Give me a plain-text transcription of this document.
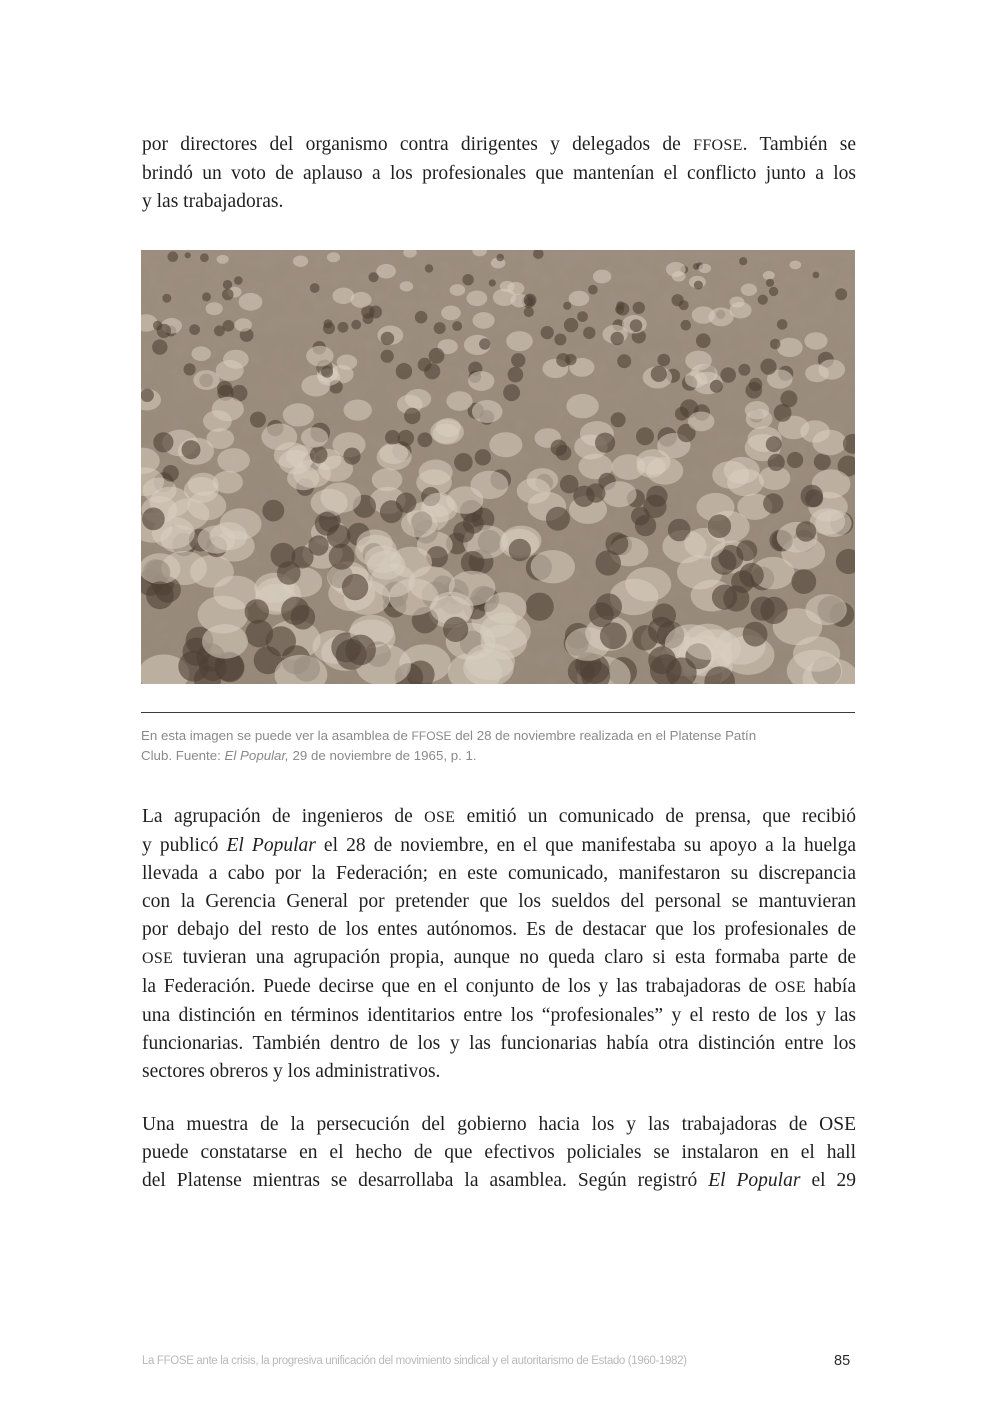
por directores del organismo contra dirigentes y delegados de FFOSE. También se
brindó un voto de aplauso a los profesionales que mantenían el conflicto junto a los
y las trabajadoras.
En esta imagen se puede ver la asamblea de FFOSE del 28 de noviembre realizada en el Platense Patín
Club. Fuente: El Popular, 29 de noviembre de 1965, p. 1.
La agrupación de ingenieros de OSE emitió un comunicado de prensa, que recibió
y publicó El Popular el 28 de noviembre, en el que manifestaba su apoyo a la huelga
llevada a cabo por la Federación; en este comunicado, manifestaron su discrepancia
con la Gerencia General por pretender que los sueldos del personal se mantuvieran
por debajo del resto de los entes autónomos. Es de destacar que los profesionales de
OSE tuvieran una agrupación propia, aunque no queda claro si esta formaba parte de
la Federación. Puede decirse que en el conjunto de los y las trabajadoras de OSE había
una distinción en términos identitarios entre los “profesionales” y el resto de los y las
funcionarias. También dentro de los y las funcionarias había otra distinción entre los
sectores obreros y los administrativos.
Una muestra de la persecución del gobierno hacia los y las trabajadoras de OSE
puede constatarse en el hecho de que efectivos policiales se instalaron en el hall
del Platense mientras se desarrollaba la asamblea. Según registró El Popular el 29
La FFOSE ante la crisis, la progresiva unificación del movimiento sindical y el autoritarismo de Estado (1960-1982)	85
